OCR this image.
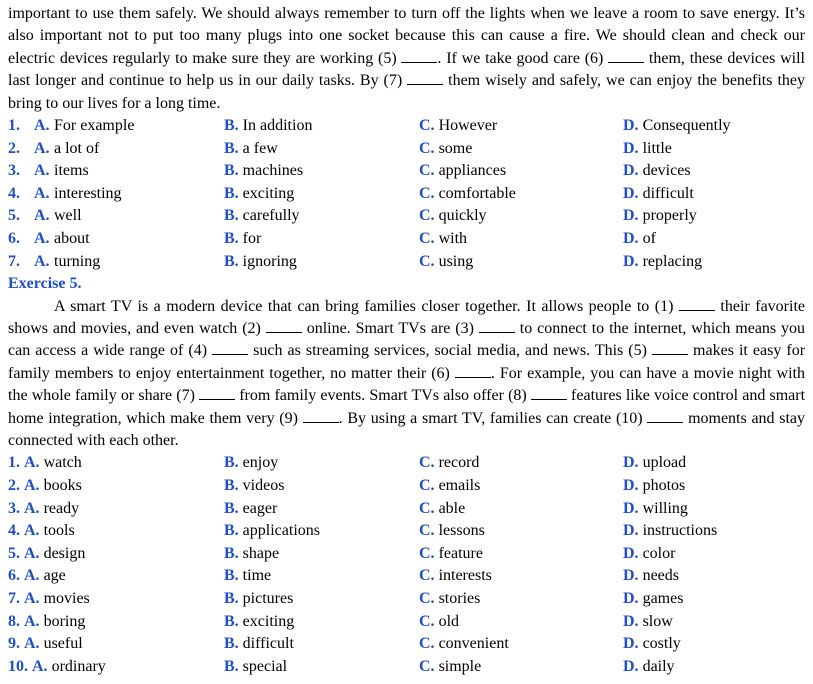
important to use them safely. We should always remember to turn off the lights when we leave a room to save energy. It’s also important not to put too many plugs into one socket because this can cause a fire. We should clean and check our electric devices regularly to make sure they are working (5)	. If we take good care (6)	them, these devices will last longer and continue to help us in our daily tasks. By (7)	them wisely and safely, we can enjoy the benefits they bring to our lives for a long time.

1. A. For example	B. In addition	C. However	D. Consequently
2. A. a lot of	B. a few	C. some	D. little
3. A. items	B. machines	C. appliances	D. devices
4. A. interesting	B. exciting	C. comfortable	D. difficult
5. A. well	B. carefully	C. quickly	D. properly
6. A. about	B. for	C. with	D. of
7. A. turning	B. ignoring	C. using	D. replacing
Exercise 5.

A smart TV is a modern device that can bring families closer together. It allows people to (1)	their favorite shows and movies, and even watch (2)	online. Smart TVs are (3)	to connect to the internet, which means you can access a wide range of (4)	such as streaming services, social media, and news. This (5)	makes it easy for family members to enjoy entertainment together, no matter their (6)	. For example, you can have a movie night with the whole family or share (7)	from family events. Smart TVs also offer (8)	features like voice control and smart home integration, which make them very (9)	. By using a smart TV, families can create (10)	moments and stay connected with each other.

1. A. watch	B. enjoy	C. record	D. upload
2. A. books	B. videos	C. emails	D. photos
3. A. ready	B. eager	C. able	D. willing
4. A. tools	B. applications	C. lessons	D. instructions
5. A. design	B. shape	C. feature	D. color
6. A. age	B. time	C. interests	D. needs
7. A. movies	B. pictures	C. stories	D. games
8. A. boring	B. exciting	C. old	D. slow
9. A. useful	B. difficult	C. convenient	D. costly
10. A. ordinary	B. special	C. simple	D. daily
